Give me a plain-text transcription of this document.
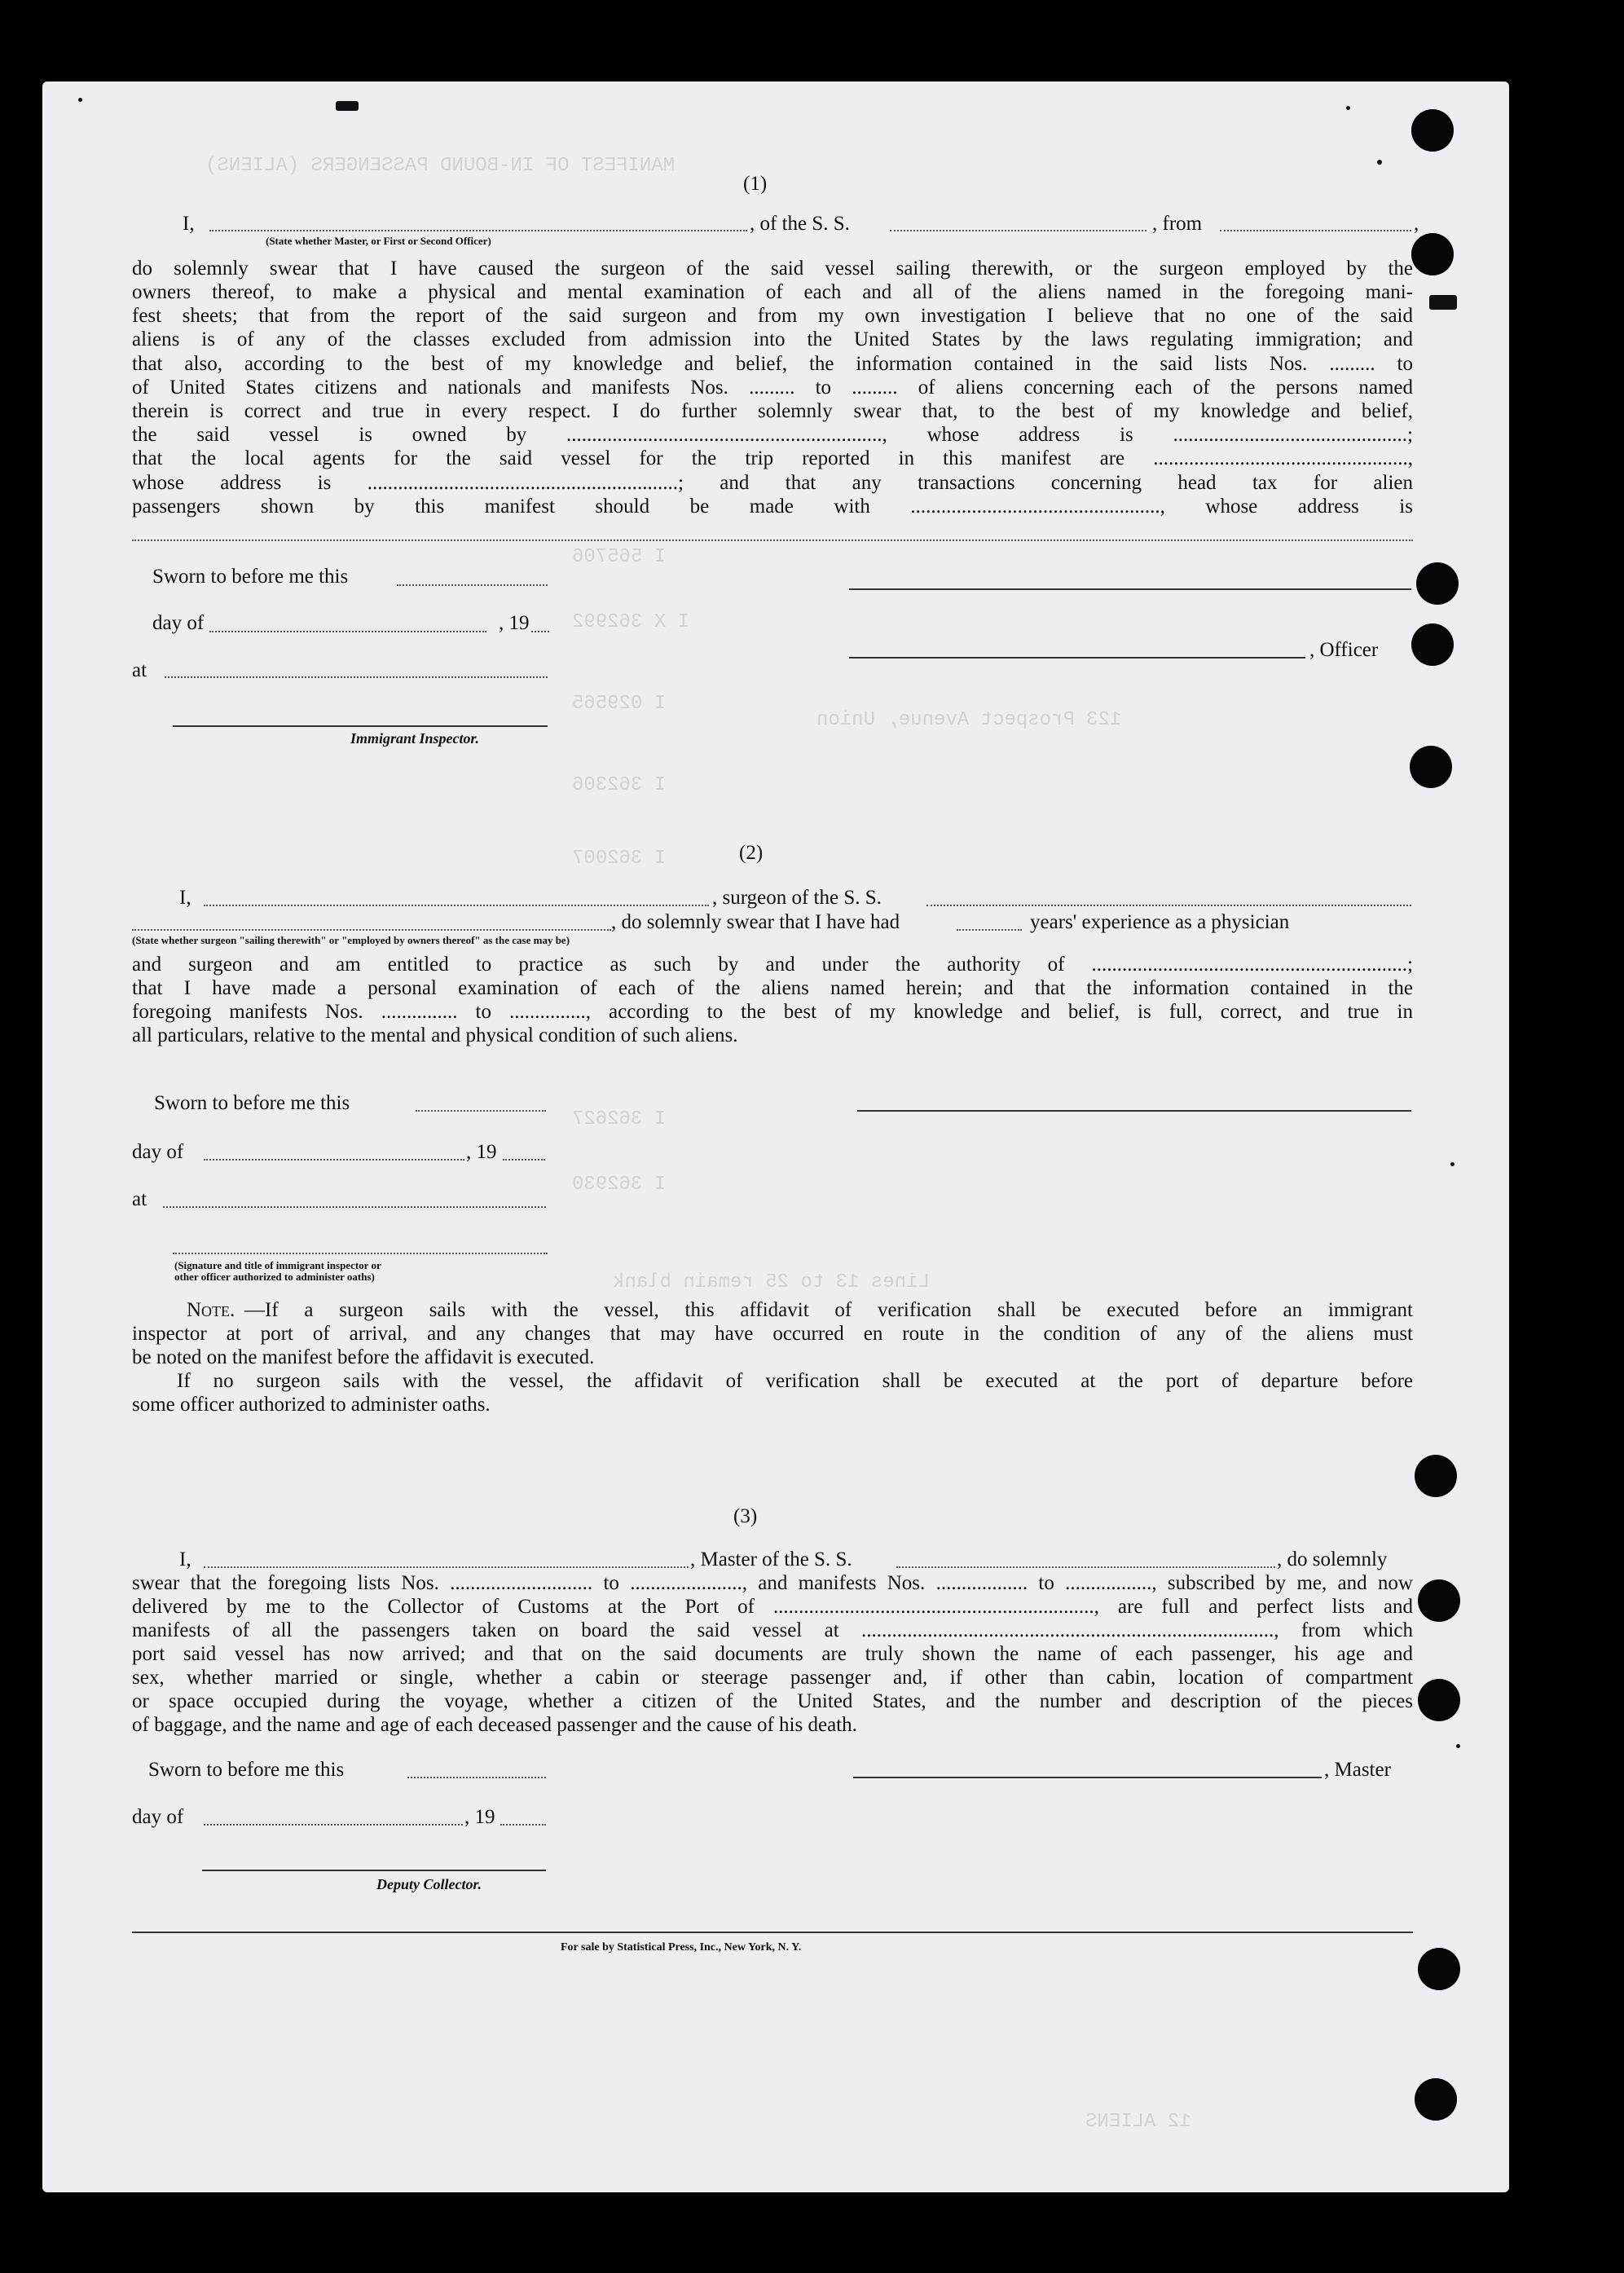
MANIFEST OF IN-BOUND PASSENGERS (ALIENS)
I 565706
I X 362992
I 029565
123 Prospect Avenue, Union
I 362306
I 362007
I 362627
I 362930
Lines 13 to 25 remain blank
12 ALIENS
(1)
I,
(State whether Master, or First or Second Officer)
, of the S. S.	, from	,
do solemnly swear that I have caused the surgeon of the said vessel sailing therewith, or the surgeon employed by the
owners thereof, to make a physical and mental examination of each and all of the aliens named in the foregoing mani-
fest sheets; that from the report of the said surgeon and from my own investigation I believe that no one of the said
aliens is of any of the classes excluded from admission into the United States by the laws regulating immigration; and
that also, according to the best of my knowledge and belief, the information contained in the said lists Nos. ......... to
of United States citizens and nationals and manifests Nos. ......... to ......... of aliens concerning each of the persons named
therein is correct and true in every respect. I do further solemnly swear that, to the best of my knowledge and belief,
the said vessel is owned by .............................................................., whose address is ..............................................;
that the local agents for the said vessel for the trip reported in this manifest are ..................................................,
whose address is .............................................................; and that any transactions concerning head tax for alien
passengers shown by this manifest should be made with ................................................., whose address is
Sworn to before me this
day of	, 19
, Officer
at
Immigrant Inspector.
(2)
I,	, surgeon of the S. S.
(State whether surgeon "sailing therewith" or "employed by owners thereof" as the case may be)
, do solemnly swear that I have had	years' experience as a physician
and surgeon and am entitled to practice as such by and under the authority of ..............................................................;
that I have made a personal examination of each of the aliens named herein; and that the information contained in the
foregoing manifests Nos. ............... to ..............., according to the best of my knowledge and belief, is full, correct, and true in
all particulars, relative to the mental and physical condition of such aliens.
Sworn to before me this
day of	, 19
at
(Signature and title of immigrant inspector or
other officer authorized to administer oaths)
Note. —If a surgeon sails with the vessel, this affidavit of verification shall be executed before an immigrant
inspector at port of arrival, and any changes that may have occurred en route in the condition of any of the aliens must
be noted on the manifest before the affidavit is executed.
If no surgeon sails with the vessel, the affidavit of verification shall be executed at the port of departure before
some officer authorized to administer oaths.
(3)
I,	, Master of the S. S.	, do solemnly
swear that the foregoing lists Nos. ............................ to ......................, and manifests Nos. .................. to ................., subscribed by me, and now
delivered by me to the Collector of Customs at the Port of ..............................................................., are full and perfect lists and
manifests of all the passengers taken on board the said vessel at ................................................................................., from which
port said vessel has now arrived; and that on the said documents are truly shown the name of each passenger, his age and
sex, whether married or single, whether a cabin or steerage passenger and, if other than cabin, location of compartment
or space occupied during the voyage, whether a citizen of the United States, and the number and description of the pieces
of baggage, and the name and age of each deceased passenger and the cause of his death.
Sworn to before me this	, Master
day of	, 19
Deputy Collector.
For sale by Statistical Press, Inc., New York, N. Y.
